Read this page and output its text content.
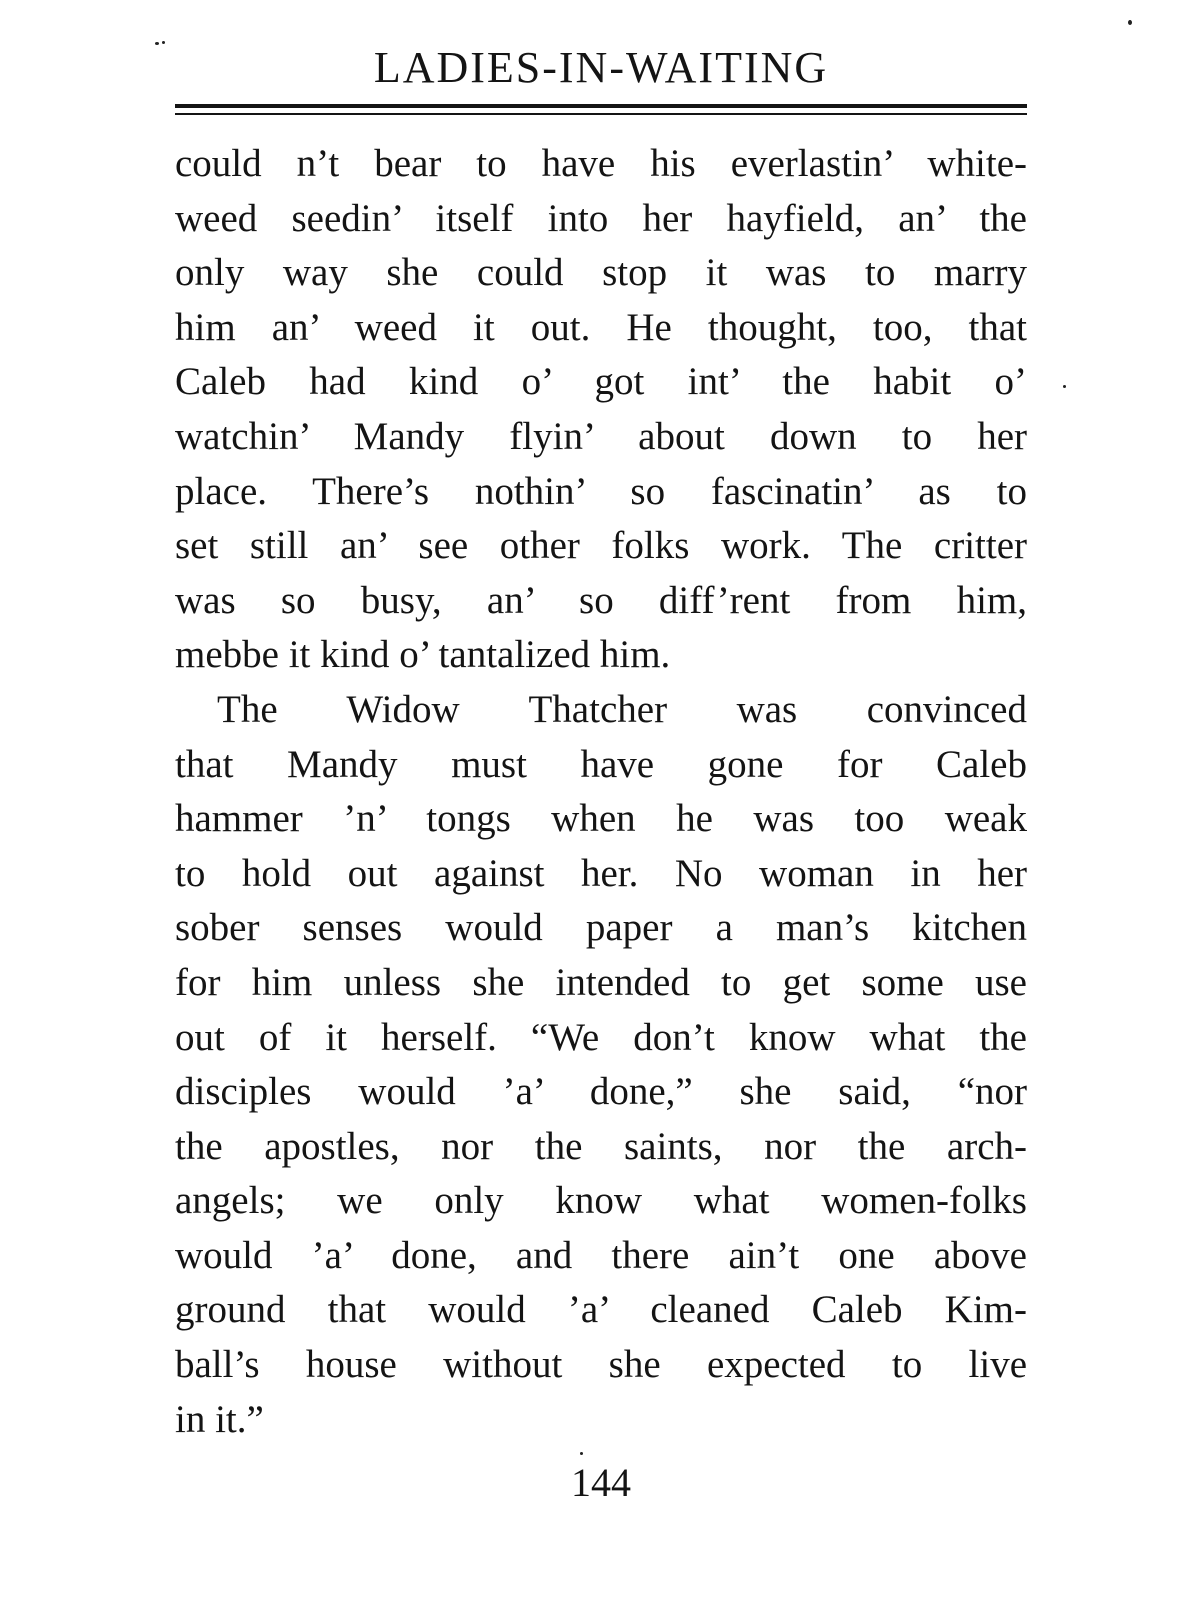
LADIES-IN-WAITING
could n’t bear to have his everlastin’ white-
weed seedin’ itself into her hayfield, an’ the
only way she could stop it was to marry
him an’ weed it out. He thought, too, that
Caleb had kind o’ got int’ the habit o’
watchin’ Mandy flyin’ about down to her
place. There’s nothin’ so fascinatin’ as to
set still an’ see other folks work. The critter
was so busy, an’ so diff’rent from him,
mebbe it kind o’ tantalized him.
The Widow Thatcher was convinced
that Mandy must have gone for Caleb
hammer ’n’ tongs when he was too weak
to hold out against her. No woman in her
sober senses would paper a man’s kitchen
for him unless she intended to get some use
out of it herself. “We don’t know what the
disciples would ’a’ done,” she said, “nor
the apostles, nor the saints, nor the arch-
angels; we only know what women-folks
would ’a’ done, and there ain’t one above
ground that would ’a’ cleaned Caleb Kim-
ball’s house without she expected to live
in it.”
144
